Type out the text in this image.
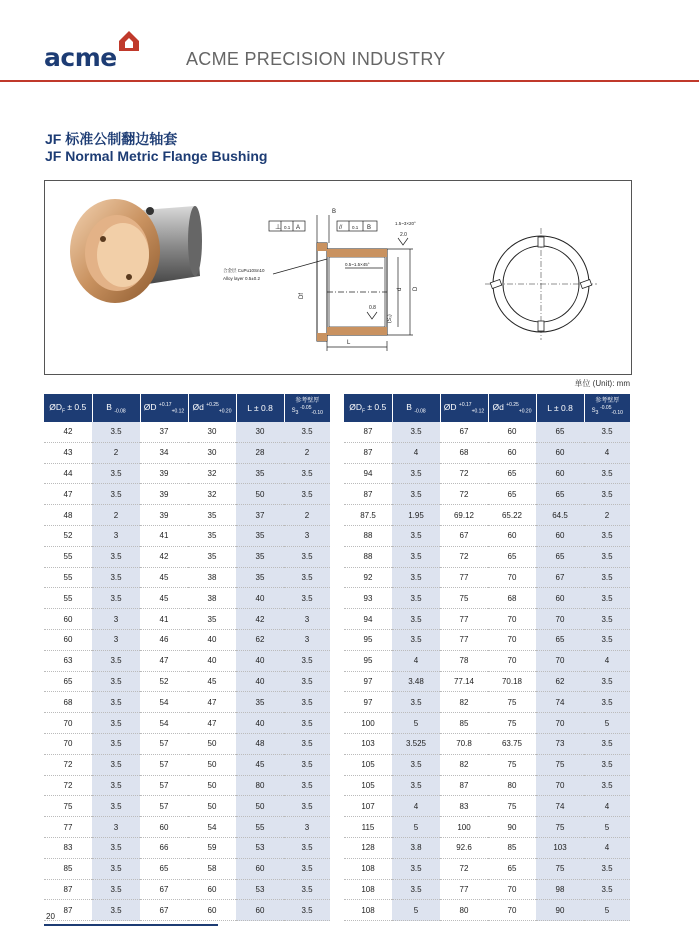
acme	ACME PRECISION INDUSTRY
JF 标准公制翻边轴套
JF Normal Metric Flange Bushing
⊥ 0.1 A	// 0.1 B
B
1.5~3×20°
2.0
合金层 CuPu10Sn10
Alloy layer 0.5±0.2
0.5~1.5×45°
Df
d D
(S₃)
0.8
L
单位 (Unit): mm
$ØD_F \pm 0.5$	B $_{-0.08}$	ØD $^{+0.17}_{+0.12}$	Ød $^{+0.25}_{+0.20}$	L ± 0.8	参考壁厚
$S_3$ $^{-0.05}_{-0.10}$
42	3.5	37	30	30	3.5
43	2	34	30	28	2
44	3.5	39	32	35	3.5
47	3.5	39	32	50	3.5
48	2	39	35	37	2
52	3	41	35	35	3
55	3.5	42	35	35	3.5
55	3.5	45	38	35	3.5
55	3.5	45	38	40	3.5
60	3	41	35	42	3
60	3	46	40	62	3
63	3.5	47	40	40	3.5
65	3.5	52	45	40	3.5
68	3.5	54	47	35	3.5
70	3.5	54	47	40	3.5
70	3.5	57	50	48	3.5
72	3.5	57	50	45	3.5
72	3.5	57	50	80	3.5
75	3.5	57	50	50	3.5
77	3	60	54	55	3
83	3.5	66	59	53	3.5
85	3.5	65	58	60	3.5
87	3.5	67	60	53	3.5
87	3.5	67	60	60	3.5
$ØD_F \pm 0.5$	B $_{-0.08}$	ØD $^{+0.17}_{+0.12}$	Ød $^{+0.25}_{+0.20}$	L ± 0.8	参考壁厚
$S_3$ $^{-0.05}_{-0.10}$
87	3.5	67	60	65	3.5
87	4	68	60	60	4
94	3.5	72	65	60	3.5
87	3.5	72	65	65	3.5
87.5	1.95	69.12	65.22	64.5	2
88	3.5	67	60	60	3.5
88	3.5	72	65	65	3.5
92	3.5	77	70	67	3.5
93	3.5	75	68	60	3.5
94	3.5	77	70	70	3.5
95	3.5	77	70	65	3.5
95	4	78	70	70	4
97	3.48	77.14	70.18	62	3.5
97	3.5	82	75	74	3.5
100	5	85	75	70	5
103	3.525	70.8	63.75	73	3.5
105	3.5	82	75	75	3.5
105	3.5	87	80	70	3.5
107	4	83	75	74	4
115	5	100	90	75	5
128	3.8	92.6	85	103	4
108	3.5	72	65	75	3.5
108	3.5	77	70	98	3.5
108	5	80	70	90	5
20
